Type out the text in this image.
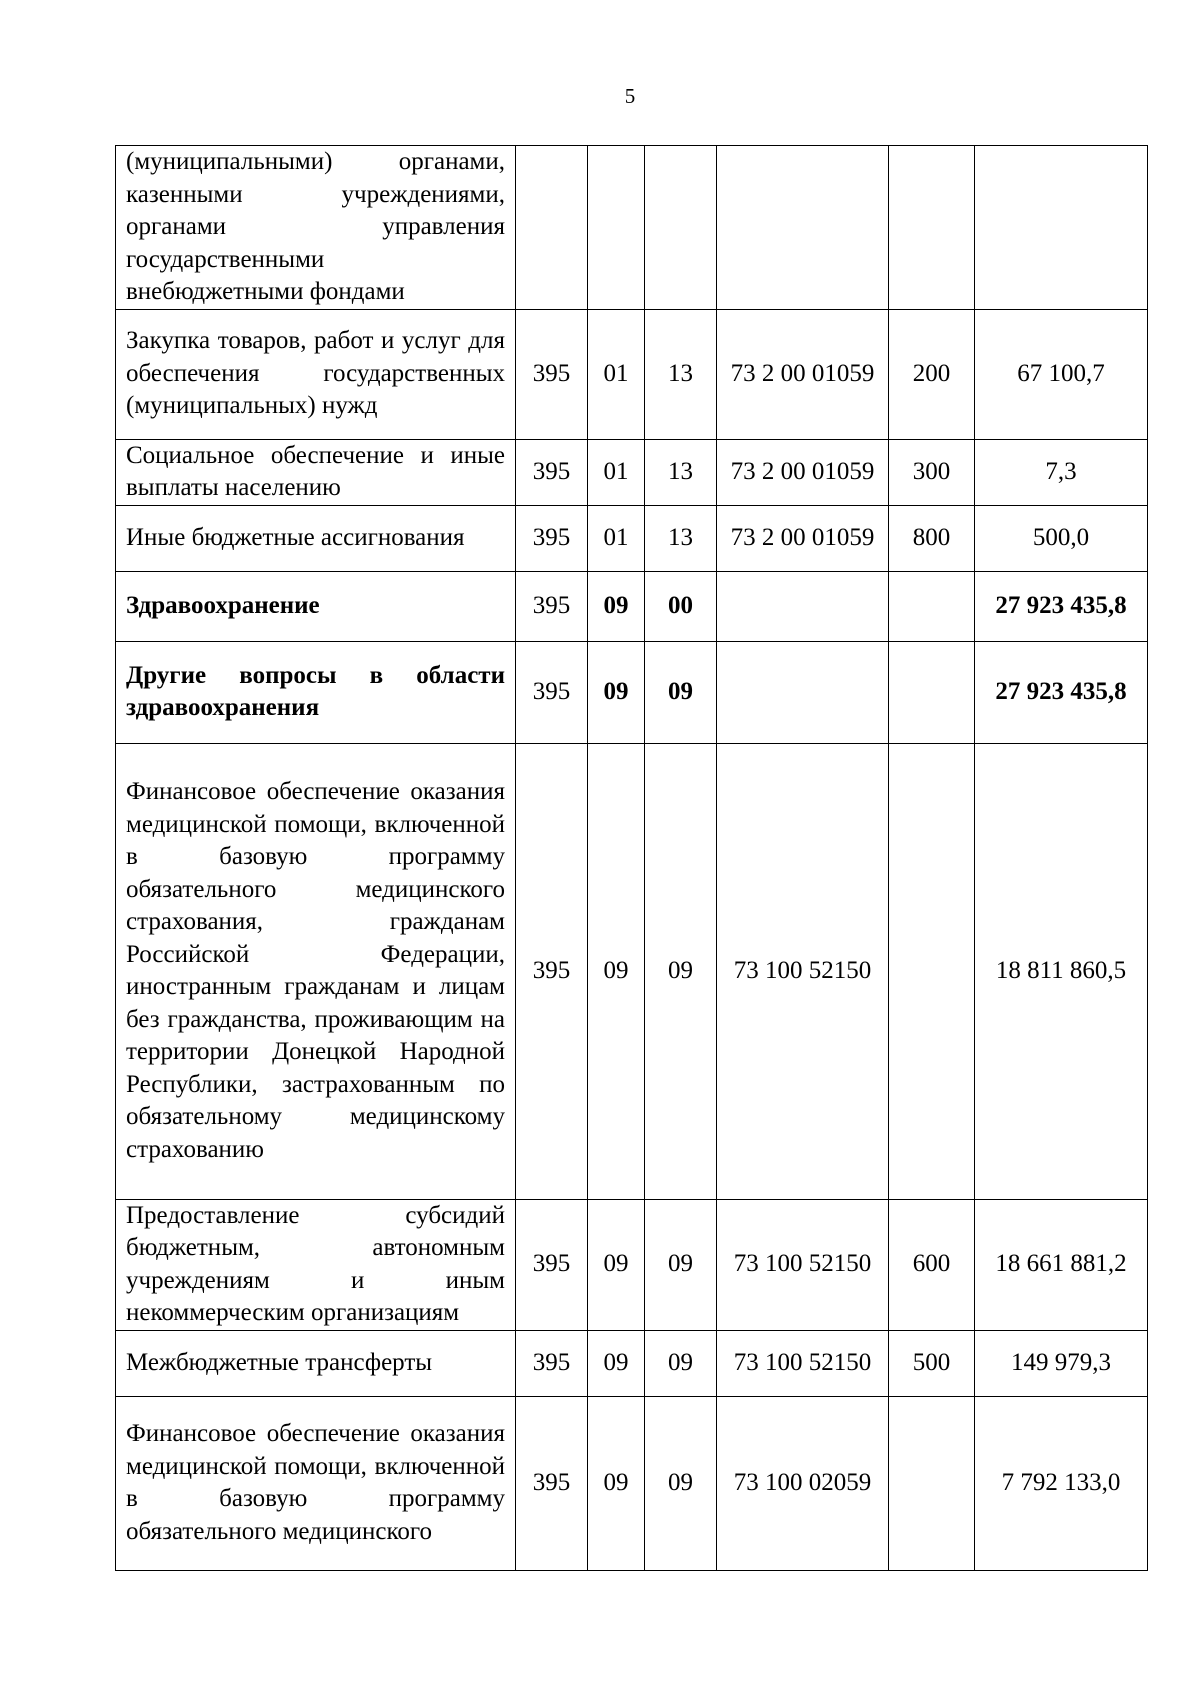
5
(муниципальными) органами, казенными учреждениями, органами управления государственными внебюджетными фондами						
Закупка товаров, работ и услуг для обеспечения государственных (муниципальных) нужд	395	01	13	73 2 00 01059	200	67 100,7
Социальное обеспечение и иные выплаты населению	395	01	13	73 2 00 01059	300	7,3
Иные бюджетные ассигнования	395	01	13	73 2 00 01059	800	500,0
Здравоохранение	395	09	00			27 923 435,8
Другие вопросы в области здравоохранения	395	09	09			27 923 435,8
Финансовое обеспечение оказания медицинской помощи, включенной в базовую программу обязательного медицинского страхования, гражданам Российской Федерации, иностранным гражданам и лицам без гражданства, проживающим на территории Донецкой Народной Республики, застрахованным по обязательному медицинскому страхованию	395	09	09	73 100 52150		18 811 860,5
Предоставление субсидий бюджетным, автономным учреждениям и иным некоммерческим организациям	395	09	09	73 100 52150	600	18 661 881,2
Межбюджетные трансферты	395	09	09	73 100 52150	500	149 979,3
Финансовое обеспечение оказания медицинской помощи, включенной в базовую программу обязательного медицинского	395	09	09	73 100 02059		7 792 133,0
